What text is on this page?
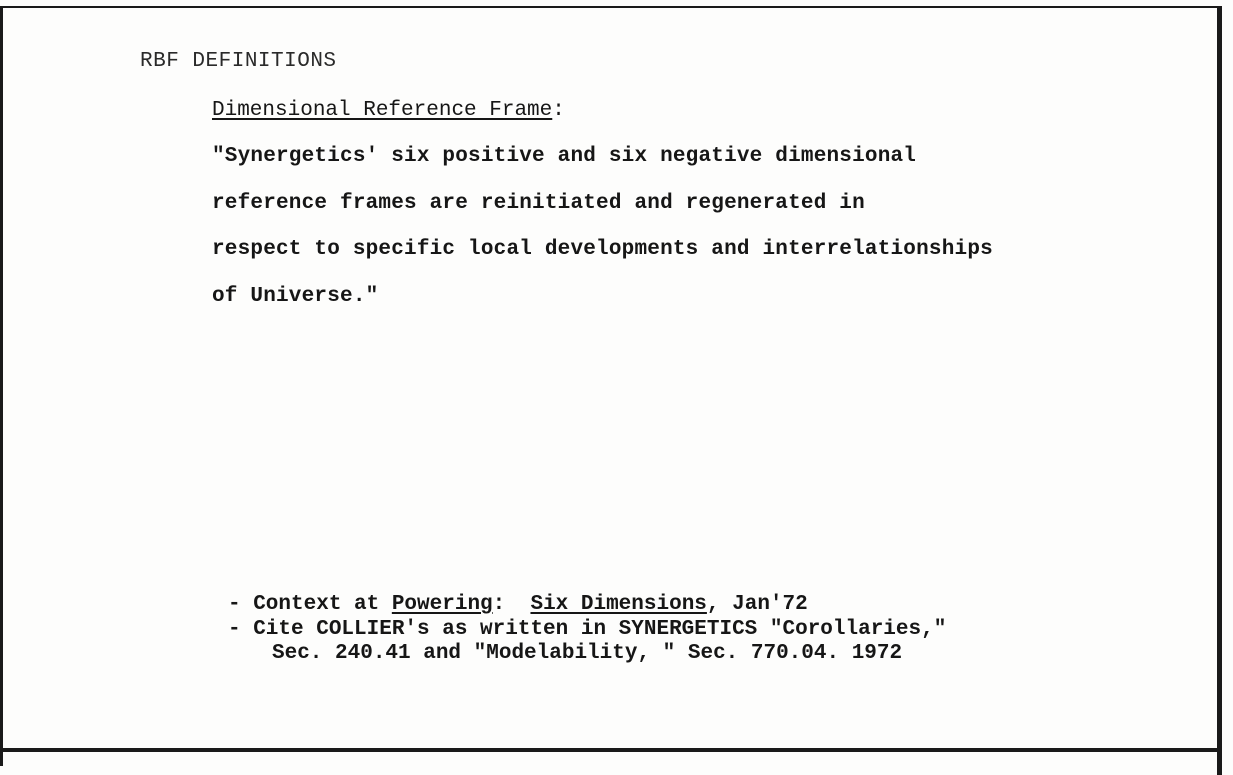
RBF DEFINITIONS
Dimensional Reference Frame:
"Synergetics' six positive and six negative dimensional
reference frames are reinitiated and regenerated in
respect to specific local developments and interrelationships
of Universe."
- Context at Powering:  Six Dimensions, Jan'72
- Cite COLLIER's as written in SYNERGETICS "Corollaries,"
Sec. 240.41 and "Modelability, " Sec. 770.04. 1972
